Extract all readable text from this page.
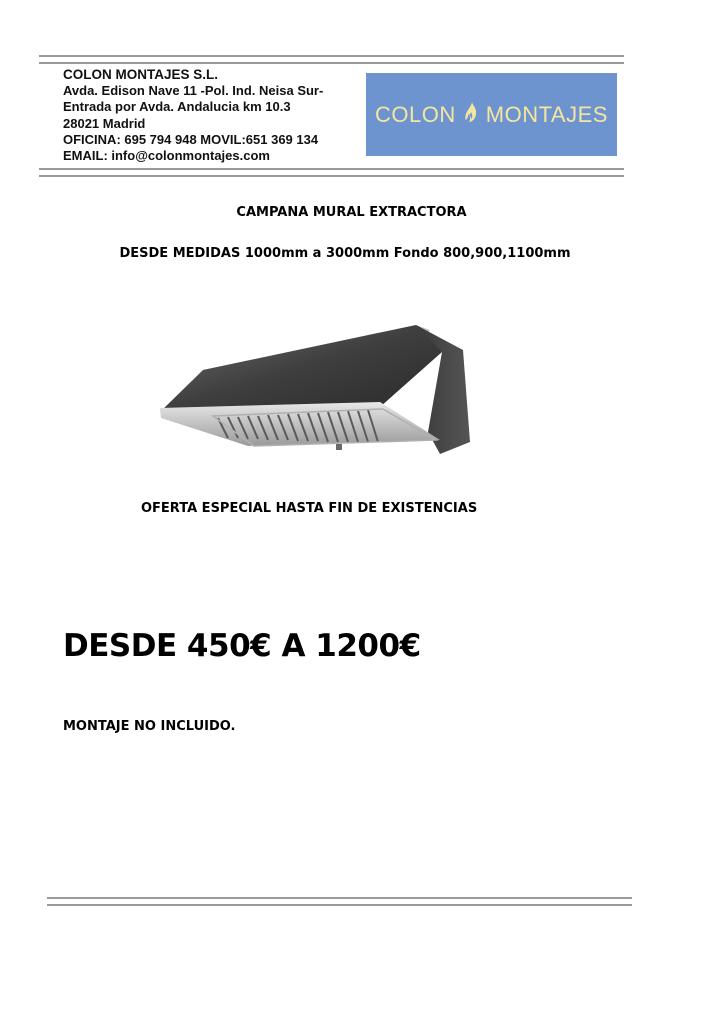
COLON MONTAJES S.L.
Avda. Edison Nave 11 -Pol. Ind. Neisa Sur-
Entrada por Avda. Andalucia km 10.3
28021 Madrid
OFICINA: 695 794 948 MOVIL:651 369 134
EMAIL: info@colonmontajes.com
COLON MONTAJES
CAMPANA MURAL EXTRACTORA
DESDE MEDIDAS 1000mm a 3000mm Fondo 800,900,1100mm
OFERTA ESPECIAL HASTA FIN DE EXISTENCIAS
DESDE 450€ A 1200€
MONTAJE NO INCLUIDO.
